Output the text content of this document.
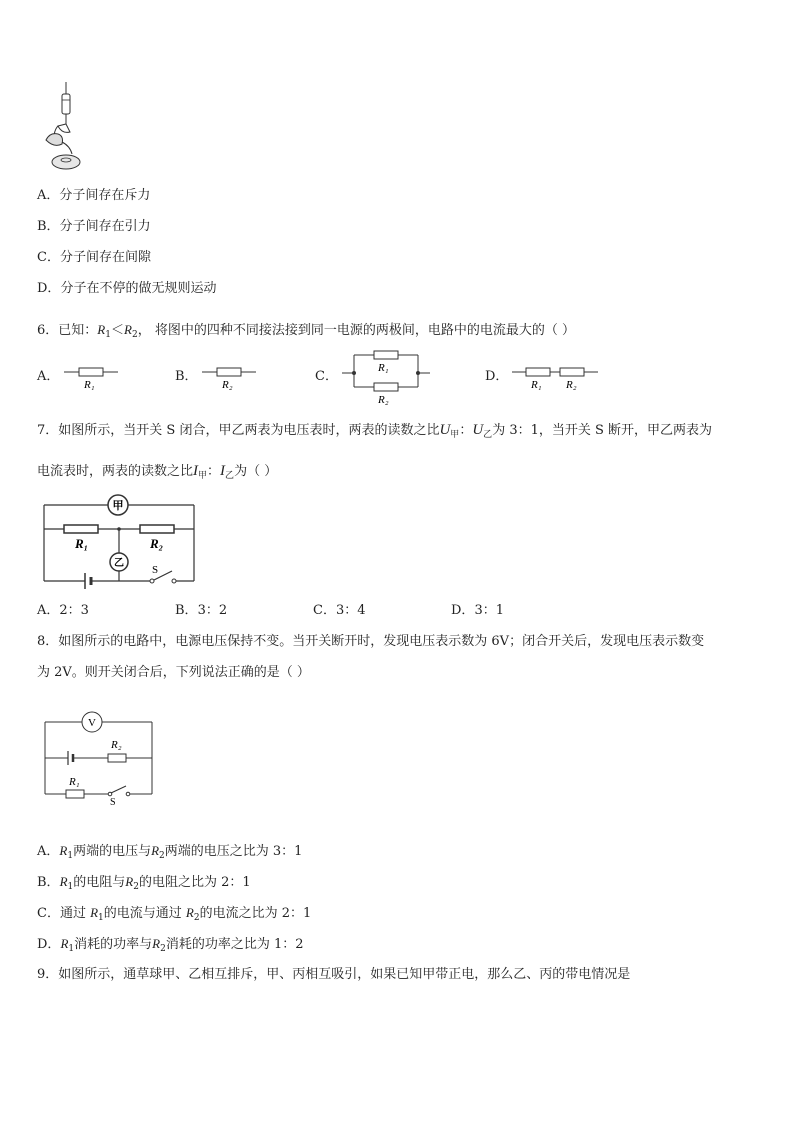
A．分子间存在斥力
B．分子间存在引力
C．分子间存在间隙
D．分子在不停的做无规则运动
6．已知：$R_1<R_2$， 将图中的四种不同接法接到同一电源的两极间，电路中的电流最大的（ ）
A．
R₁
B．
R₂
C．
R₁
R₂
D．
R₁ R₂
7．如图所示，当开关 S 闭合，甲乙两表为电压表时，两表的读数之比$U_甲$：$U_乙$为 3：1，当开关 S 断开，甲乙两表为
电流表时，两表的读数之比$I_甲$：$I_乙$为（ ）
甲
R₁	R₂
乙
S
A．2：3	B．3：2	C．3：4	D．3：1
8．如图所示的电路中，电源电压保持不变。当开关断开时，发现电压表示数为 6V；闭合开关后，发现电压表示数变
为 2V。则开关闭合后，下列说法正确的是（ ）
V
R₂
R₁
S
A．$R_1$两端的电压与$R_2$两端的电压之比为 3：1
B．$R_1$的电阻与$R_2$的电阻之比为 2：1
C．通过 $R_1$的电流与通过 $R_2$的电流之比为 2：1
D．$R_1$消耗的功率与$R_2$消耗的功率之比为 1：2
9．如图所示，通草球甲、乙相互排斥，甲、丙相互吸引，如果已知甲带正电，那么乙、丙的带电情况是
